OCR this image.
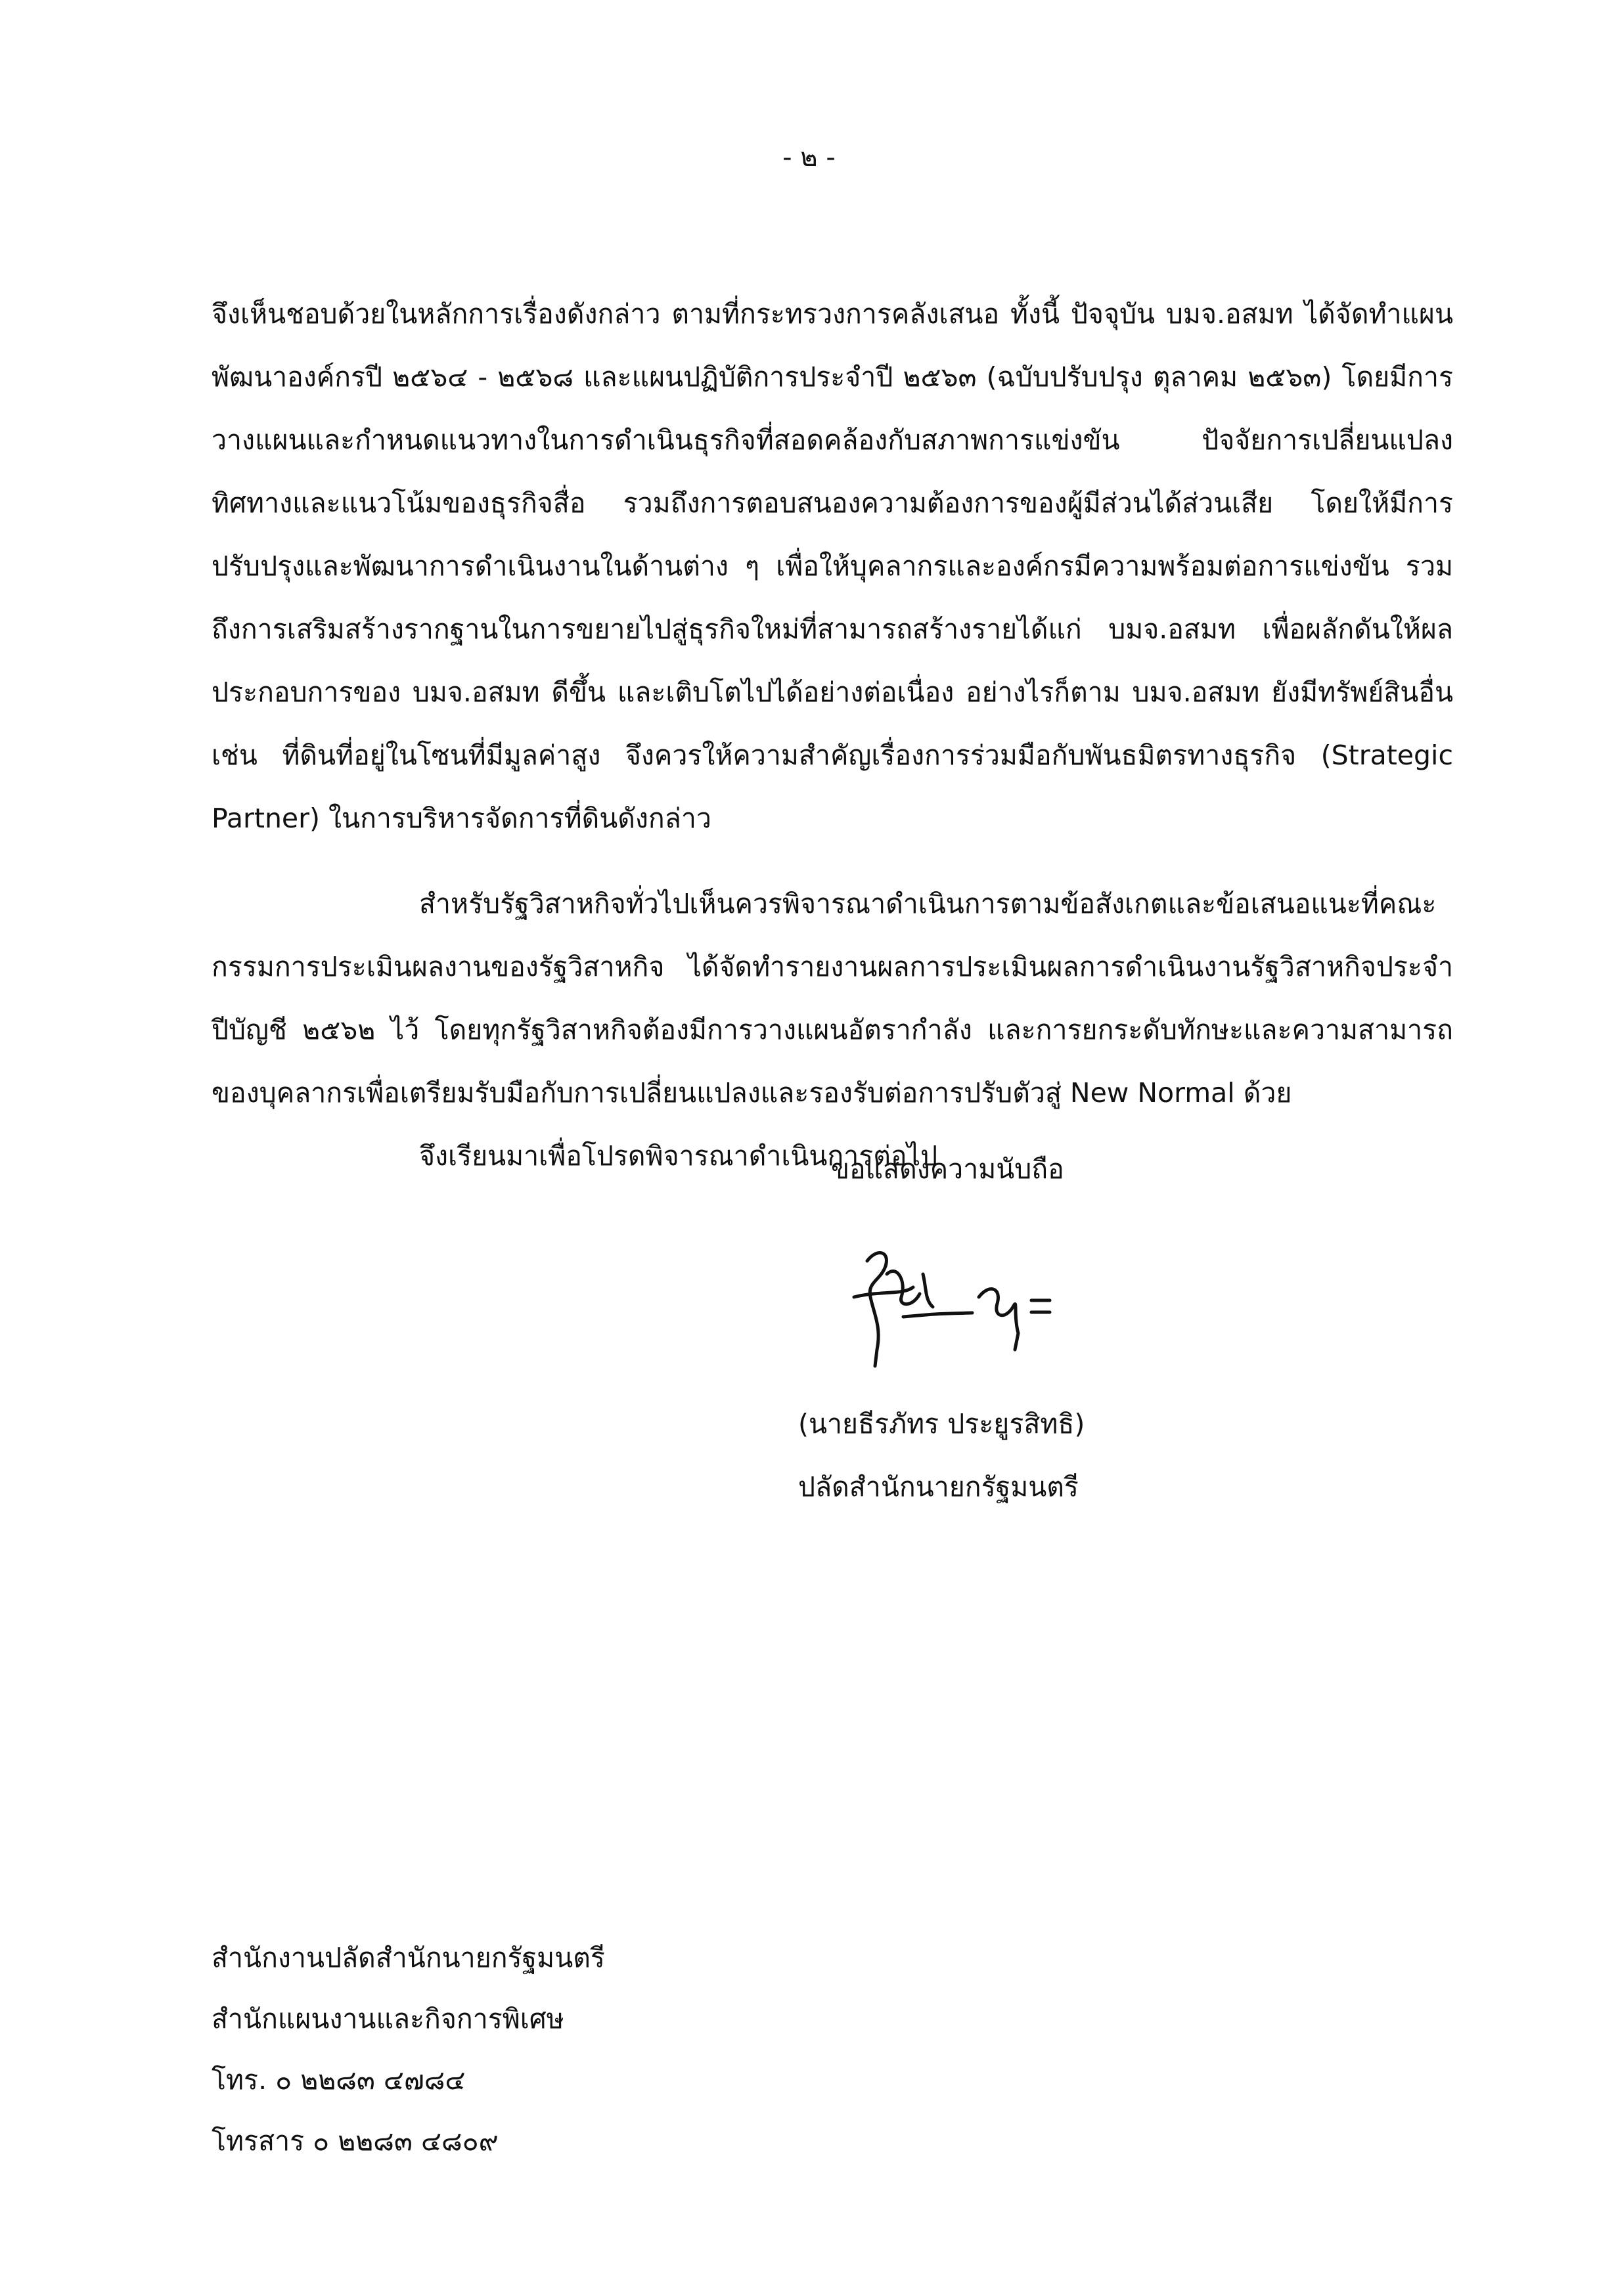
- ๒ -

จึงเห็นชอบด้วยในหลักการเรื่องดังกล่าว ตามที่กระทรวงการคลังเสนอ ทั้งนี้ ปัจจุบัน บมจ.อสมท ได้จัดทำแผนพัฒนาองค์กรปี ๒๕๖๔ - ๒๕๖๘ และแผนปฏิบัติการประจำปี ๒๕๖๓ (ฉบับปรับปรุง ตุลาคม ๒๕๖๓) โดยมีการวางแผนและกำหนดแนวทางในการดำเนินธุรกิจที่สอดคล้องกับสภาพการแข่งขัน ปัจจัยการเปลี่ยนแปลง ทิศทางและแนวโน้มของธุรกิจสื่อ รวมถึงการตอบสนองความต้องการของผู้มีส่วนได้ส่วนเสีย โดยให้มีการปรับปรุงและพัฒนาการดำเนินงานในด้านต่าง ๆ เพื่อให้บุคลากรและองค์กรมีความพร้อมต่อการแข่งขัน รวมถึงการเสริมสร้างรากฐานในการขยายไปสู่ธุรกิจใหม่ที่สามารถสร้างรายได้แก่ บมจ.อสมท เพื่อผลักดันให้ผลประกอบการของ บมจ.อสมท ดีขึ้น และเติบโตไปได้อย่างต่อเนื่อง อย่างไรก็ตาม บมจ.อสมท ยังมีทรัพย์สินอื่น เช่น ที่ดินที่อยู่ในโซนที่มีมูลค่าสูง จึงควรให้ความสำคัญเรื่องการร่วมมือกับพันธมิตรทางธุรกิจ (Strategic Partner) ในการบริหารจัดการที่ดินดังกล่าว

สำหรับรัฐวิสาหกิจทั่วไปเห็นควรพิจารณาดำเนินการตามข้อสังเกตและข้อเสนอแนะที่คณะกรรมการประเมินผลงานของรัฐวิสาหกิจ ได้จัดทำรายงานผลการประเมินผลการดำเนินงานรัฐวิสาหกิจประจำปีบัญชี ๒๕๖๒ ไว้ โดยทุกรัฐวิสาหกิจต้องมีการวางแผนอัตรากำลัง และการยกระดับทักษะและความสามารถของบุคลากรเพื่อเตรียมรับมือกับการเปลี่ยนแปลงและรองรับต่อการปรับตัวสู่ New Normal ด้วย

จึงเรียนมาเพื่อโปรดพิจารณาดำเนินการต่อไป

ขอแสดงความนับถือ
(นายธีรภัทร ประยูรสิทธิ)
ปลัดสำนักนายกรัฐมนตรี
สำนักงานปลัดสำนักนายกรัฐมนตรี
สำนักแผนงานและกิจการพิเศษ
โทร. ๐ ๒๒๘๓ ๔๗๘๔
โทรสาร ๐ ๒๒๘๓ ๔๘๐๙
